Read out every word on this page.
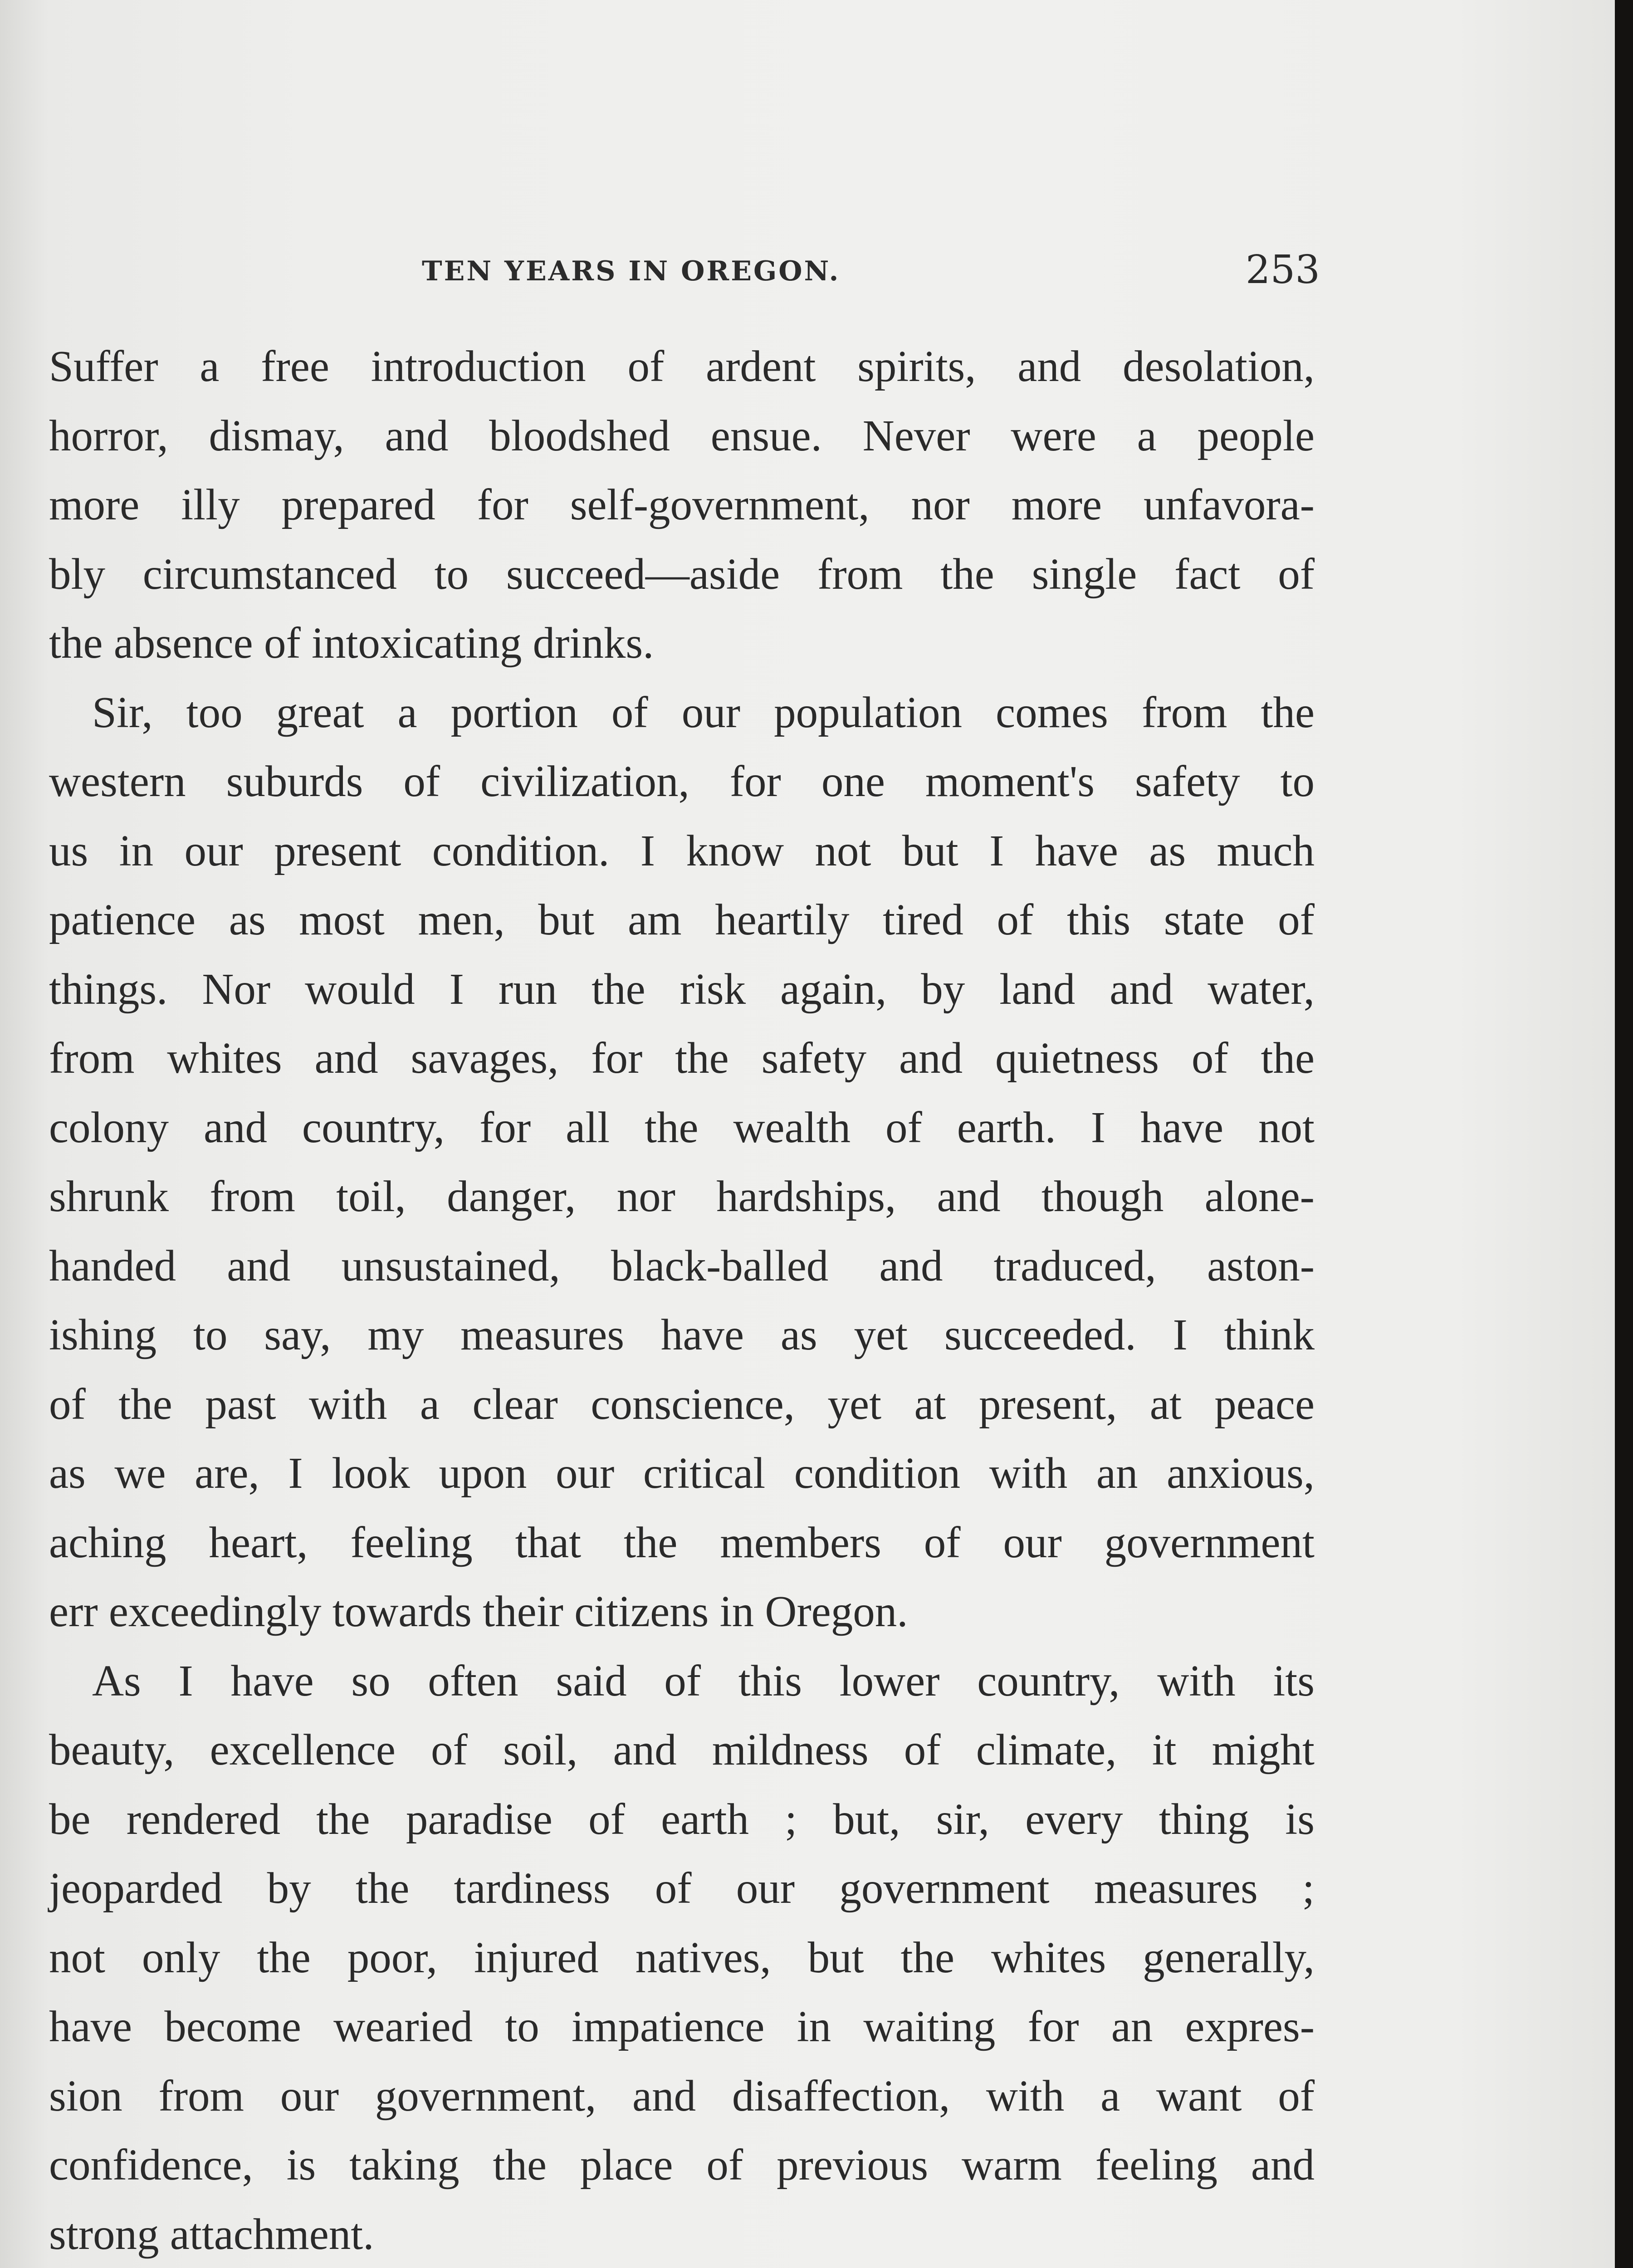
TEN YEARS IN OREGON.	253
Suffer a free introduction of ardent spirits, and desolation,
horror, dismay, and bloodshed ensue. Never were a people
more illy prepared for self-government, nor more unfavora-
bly circumstanced to succeed—aside from the single fact of
the absence of intoxicating drinks.
Sir, too great a portion of our population comes from the
western suburds of civilization, for one moment's safety to
us in our present condition. I know not but I have as much
patience as most men, but am heartily tired of this state of
things. Nor would I run the risk again, by land and water,
from whites and savages, for the safety and quietness of the
colony and country, for all the wealth of earth. I have not
shrunk from toil, danger, nor hardships, and though alone-
handed and unsustained, black-balled and traduced, aston-
ishing to say, my measures have as yet succeeded. I think
of the past with a clear conscience, yet at present, at peace
as we are, I look upon our critical condition with an anxious,
aching heart, feeling that the members of our government
err exceedingly towards their citizens in Oregon.
As I have so often said of this lower country, with its
beauty, excellence of soil, and mildness of climate, it might
be rendered the paradise of earth ; but, sir, every thing is
jeoparded by the tardiness of our government measures ;
not only the poor, injured natives, but the whites generally,
have become wearied to impatience in waiting for an expres-
sion from our government, and disaffection, with a want of
confidence, is taking the place of previous warm feeling and
strong attachment.
